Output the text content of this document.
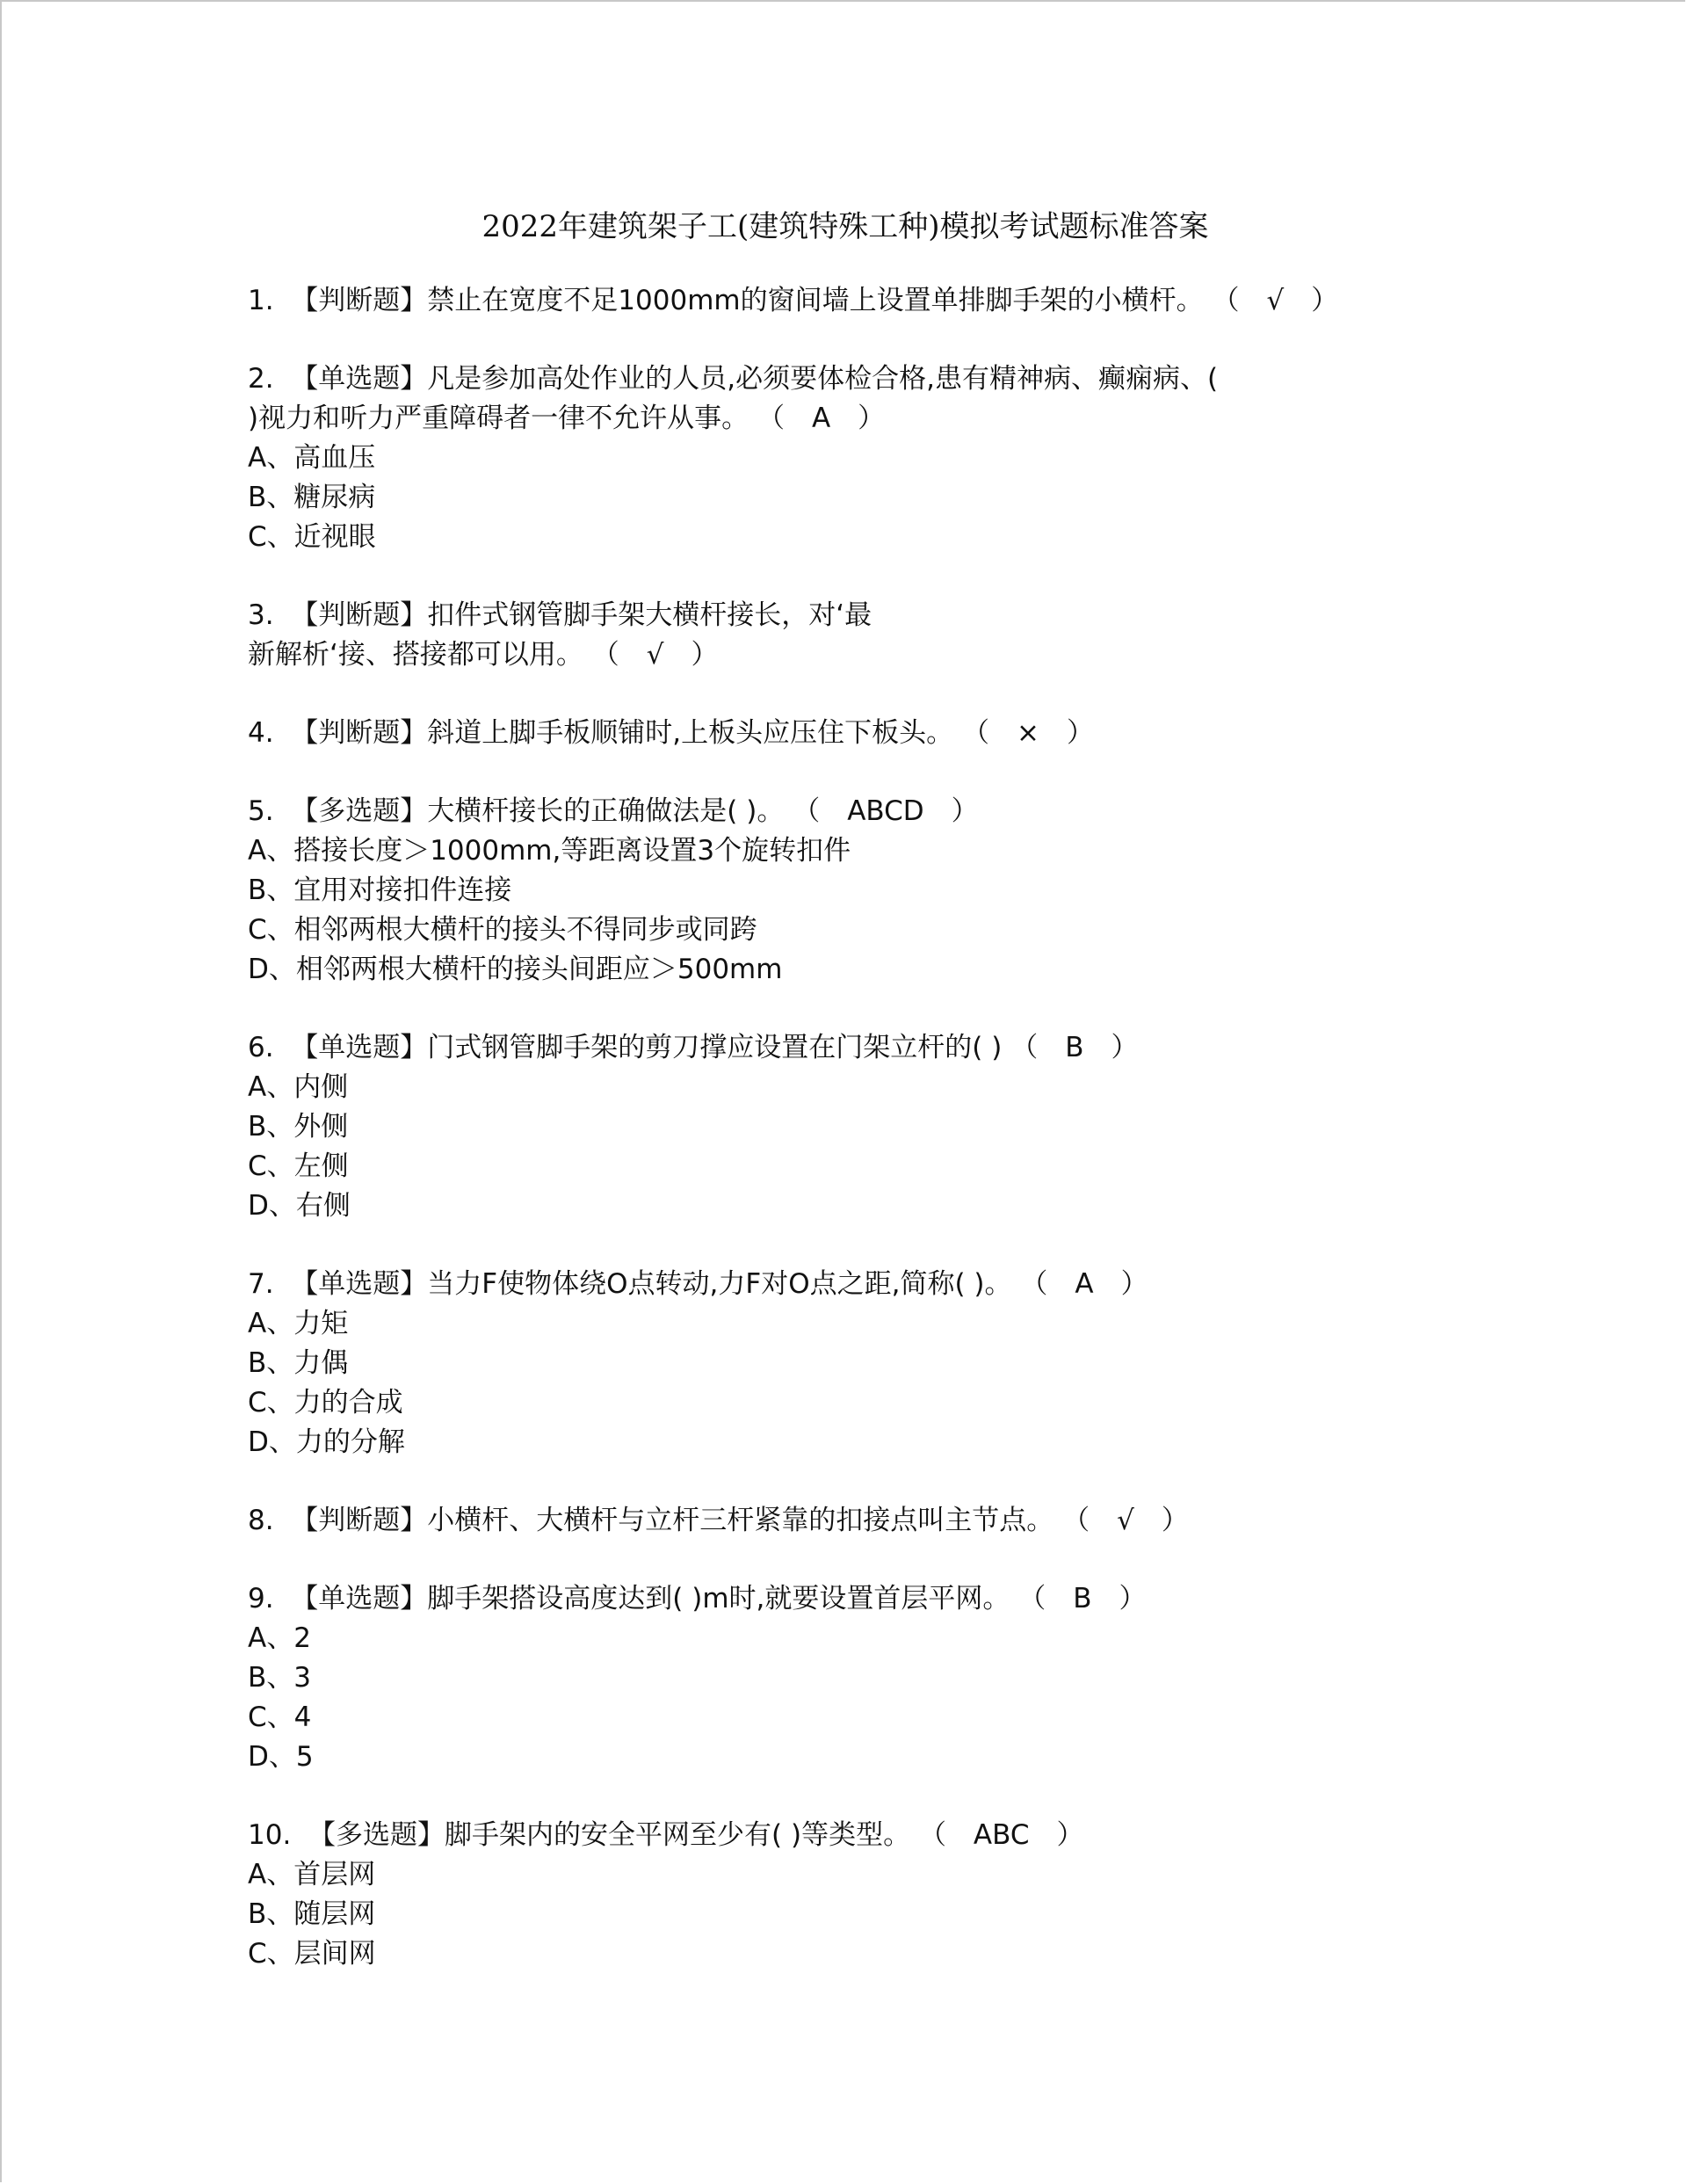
2022年建筑架子工(建筑特殊工种)模拟考试题标准答案
1. 【判断题】禁止在宽度不足1000mm的窗间墙上设置单排脚手架的小横杆。 （　√　）
2. 【单选题】凡是参加高处作业的人员,必须要体检合格,患有精神病、癫痫病、(
)视力和听力严重障碍者一律不允许从事。 （　A　）
A、高血压
B、糖尿病
C、近视眼
3. 【判断题】扣件式钢管脚手架大横杆接长，对‘最
新解析‘接、搭接都可以用。 （　√　）
4. 【判断题】斜道上脚手板顺铺时,上板头应压住下板头。 （　×　）
5. 【多选题】大横杆接长的正确做法是( )。 （　ABCD　）
A、搭接长度＞1000mm,等距离设置3个旋转扣件
B、宜用对接扣件连接
C、相邻两根大横杆的接头不得同步或同跨
D、相邻两根大横杆的接头间距应＞500mm
6. 【单选题】门式钢管脚手架的剪刀撑应设置在门架立杆的( ) （　B　）
A、内侧
B、外侧
C、左侧
D、右侧
7. 【单选题】当力F使物体绕O点转动,力F对O点之距,简称( )。 （　A　）
A、力矩
B、力偶
C、力的合成
D、力的分解
8. 【判断题】小横杆、大横杆与立杆三杆紧靠的扣接点叫主节点。 （　√　）
9. 【单选题】脚手架搭设高度达到( )m时,就要设置首层平网。 （　B　）
A、2
B、3
C、4
D、5
10. 【多选题】脚手架内的安全平网至少有( )等类型。 （　ABC　）
A、首层网
B、随层网
C、层间网
